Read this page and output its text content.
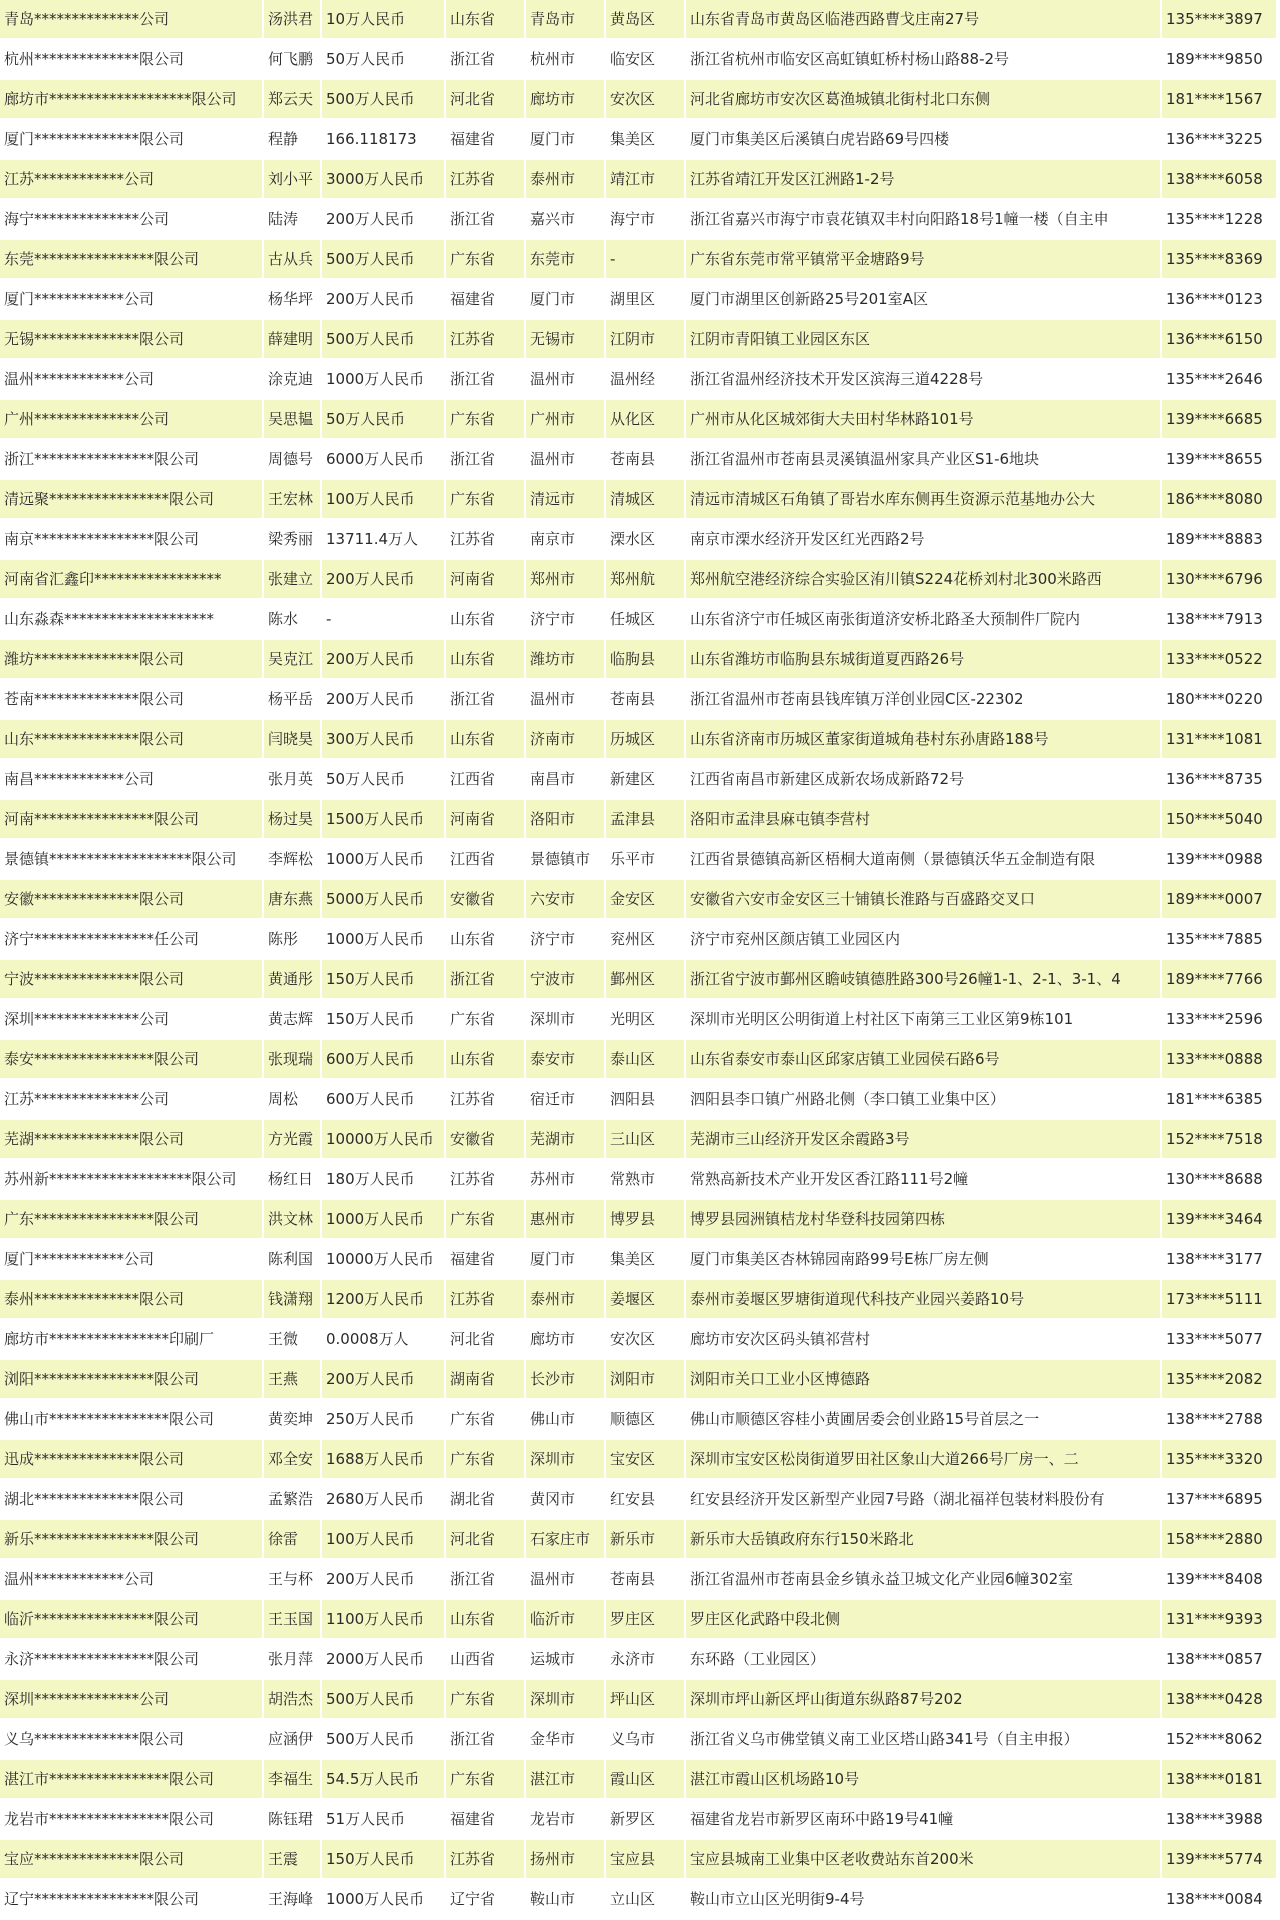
青岛**************公司	汤洪君 10万人民币	山东省	青岛市	黄岛区	山东省青岛市黄岛区临港西路曹戈庄南27号	135****3897
杭州**************限公司	何飞鹏 50万人民币	浙江省	杭州市	临安区	浙江省杭州市临安区高虹镇虹桥村杨山路88-2号	189****9850
廊坊市*******************限公司	郑云天 500万人民币	河北省	廊坊市	安次区	河北省廊坊市安次区葛渔城镇北街村北口东侧	181****1567
厦门**************限公司	程静	166.118173	福建省	厦门市	集美区	厦门市集美区后溪镇白虎岩路69号四楼	136****3225
江苏************公司	刘小平 3000万人民币	江苏省	泰州市	靖江市	江苏省靖江开发区江洲路1-2号	138****6058
海宁**************公司	陆涛	200万人民币	浙江省	嘉兴市	海宁市	浙江省嘉兴市海宁市袁花镇双丰村向阳路18号1幢一楼（自主申	135****1228
东莞****************限公司	古从兵 500万人民币	广东省	东莞市	-	广东省东莞市常平镇常平金塘路9号	135****8369
厦门************公司	杨华坪 200万人民币	福建省	厦门市	湖里区	厦门市湖里区创新路25号201室A区	136****0123
无锡**************限公司	薛建明 500万人民币	江苏省	无锡市	江阴市	江阴市青阳镇工业园区东区	136****6150
温州************公司	涂克迪 1000万人民币	浙江省	温州市	温州经	浙江省温州经济技术开发区滨海三道4228号	135****2646
广州**************公司	吴思韫 50万人民币	广东省	广州市	从化区	广州市从化区城郊街大夫田村华林路101号	139****6685
浙江****************限公司	周德号 6000万人民币	浙江省	温州市	苍南县	浙江省温州市苍南县灵溪镇温州家具产业区S1-6地块	139****8655
清远聚****************限公司	王宏林 100万人民币	广东省	清远市	清城区	清远市清城区石角镇了哥岩水库东侧再生资源示范基地办公大	186****8080
南京****************限公司	梁秀丽 13711.4万人	江苏省	南京市	溧水区	南京市溧水经济开发区红光西路2号	189****8883
河南省汇鑫印*****************	张建立 200万人民币	河南省	郑州市	郑州航	郑州航空港经济综合实验区洧川镇S224花桥刘村北300米路西	130****6796
山东淼森********************	陈水	-	山东省	济宁市	任城区	山东省济宁市任城区南张街道济安桥北路圣大预制件厂院内	138****7913
潍坊**************限公司	吴克江 200万人民币	山东省	潍坊市	临朐县	山东省潍坊市临朐县东城街道夏西路26号	133****0522
苍南**************限公司	杨平岳 200万人民币	浙江省	温州市	苍南县	浙江省温州市苍南县钱库镇万洋创业园C区-22302	180****0220
山东**************限公司	闫晓昊 300万人民币	山东省	济南市	历城区	山东省济南市历城区董家街道城角巷村东孙唐路188号	131****1081
南昌************公司	张月英 50万人民币	江西省	南昌市	新建区	江西省南昌市新建区成新农场成新路72号	136****8735
河南****************限公司	杨过昊 1500万人民币	河南省	洛阳市	孟津县	洛阳市孟津县麻屯镇李营村	150****5040
景德镇*******************限公司	李辉松 1000万人民币	江西省	景德镇市	乐平市	江西省景德镇高新区梧桐大道南侧（景德镇沃华五金制造有限	139****0988
安徽**************限公司	唐东燕 5000万人民币	安徽省	六安市	金安区	安徽省六安市金安区三十铺镇长淮路与百盛路交叉口	189****0007
济宁****************任公司	陈彤	1000万人民币	山东省	济宁市	兖州区	济宁市兖州区颜店镇工业园区内	135****7885
宁波**************限公司	黄通彤 150万人民币	浙江省	宁波市	鄞州区	浙江省宁波市鄞州区瞻岐镇德胜路300号26幢1-1、2-1、3-1、4	189****7766
深圳**************公司	黄志辉 150万人民币	广东省	深圳市	光明区	深圳市光明区公明街道上村社区下南第三工业区第9栋101	133****2596
泰安****************限公司	张现瑞 600万人民币	山东省	泰安市	泰山区	山东省泰安市泰山区邱家店镇工业园侯石路6号	133****0888
江苏**************公司	周松	600万人民币	江苏省	宿迁市	泗阳县	泗阳县李口镇广州路北侧（李口镇工业集中区）	181****6385
芜湖**************限公司	方光霞 10000万人民币	安徽省	芜湖市	三山区	芜湖市三山经济开发区余霞路3号	152****7518
苏州新*******************限公司	杨红日 180万人民币	江苏省	苏州市	常熟市	常熟高新技术产业开发区香江路111号2幢	130****8688
广东****************限公司	洪文林 1000万人民币	广东省	惠州市	博罗县	博罗县园洲镇桔龙村华登科技园第四栋	139****3464
厦门************公司	陈利国 10000万人民币	福建省	厦门市	集美区	厦门市集美区杏林锦园南路99号E栋厂房左侧	138****3177
泰州**************限公司	钱潇翔 1200万人民币	江苏省	泰州市	姜堰区	泰州市姜堰区罗塘街道现代科技产业园兴姜路10号	173****5111
廊坊市****************印刷厂	王微	0.0008万人	河北省	廊坊市	安次区	廊坊市安次区码头镇祁营村	133****5077
浏阳****************限公司	王燕	200万人民币	湖南省	长沙市	浏阳市	浏阳市关口工业小区博德路	135****2082
佛山市****************限公司	黄奕坤 250万人民币	广东省	佛山市	顺德区	佛山市顺德区容桂小黄圃居委会创业路15号首层之一	138****2788
迅成**************限公司	邓全安 1688万人民币	广东省	深圳市	宝安区	深圳市宝安区松岗街道罗田社区象山大道266号厂房一、二	135****3320
湖北**************限公司	孟繁浩 2680万人民币	湖北省	黄冈市	红安县	红安县经济开发区新型产业园7号路（湖北福祥包装材料股份有	137****6895
新乐****************限公司	徐雷	100万人民币	河北省	石家庄市	新乐市	新乐市大岳镇政府东行150米路北	158****2880
温州************公司	王与杯 200万人民币	浙江省	温州市	苍南县	浙江省温州市苍南县金乡镇永益卫城文化产业园6幢302室	139****8408
临沂****************限公司	王玉国 1100万人民币	山东省	临沂市	罗庄区	罗庄区化武路中段北侧	131****9393
永济****************限公司	张月萍 2000万人民币	山西省	运城市	永济市	东环路（工业园区）	138****0857
深圳**************公司	胡浩杰 500万人民币	广东省	深圳市	坪山区	深圳市坪山新区坪山街道东纵路87号202	138****0428
义乌**************限公司	应涵伊 500万人民币	浙江省	金华市	义乌市	浙江省义乌市佛堂镇义南工业区塔山路341号（自主申报）	152****8062
湛江市****************限公司	李福生 54.5万人民币	广东省	湛江市	霞山区	湛江市霞山区机场路10号	138****0181
龙岩市****************限公司	陈钰珺 51万人民币	福建省	龙岩市	新罗区	福建省龙岩市新罗区南环中路19号41幢	138****3988
宝应**************限公司	王震	150万人民币	江苏省	扬州市	宝应县	宝应县城南工业集中区老收费站东首200米	139****5774
辽宁****************限公司	王海峰 1000万人民币	辽宁省	鞍山市	立山区	鞍山市立山区光明街9-4号	138****0084
